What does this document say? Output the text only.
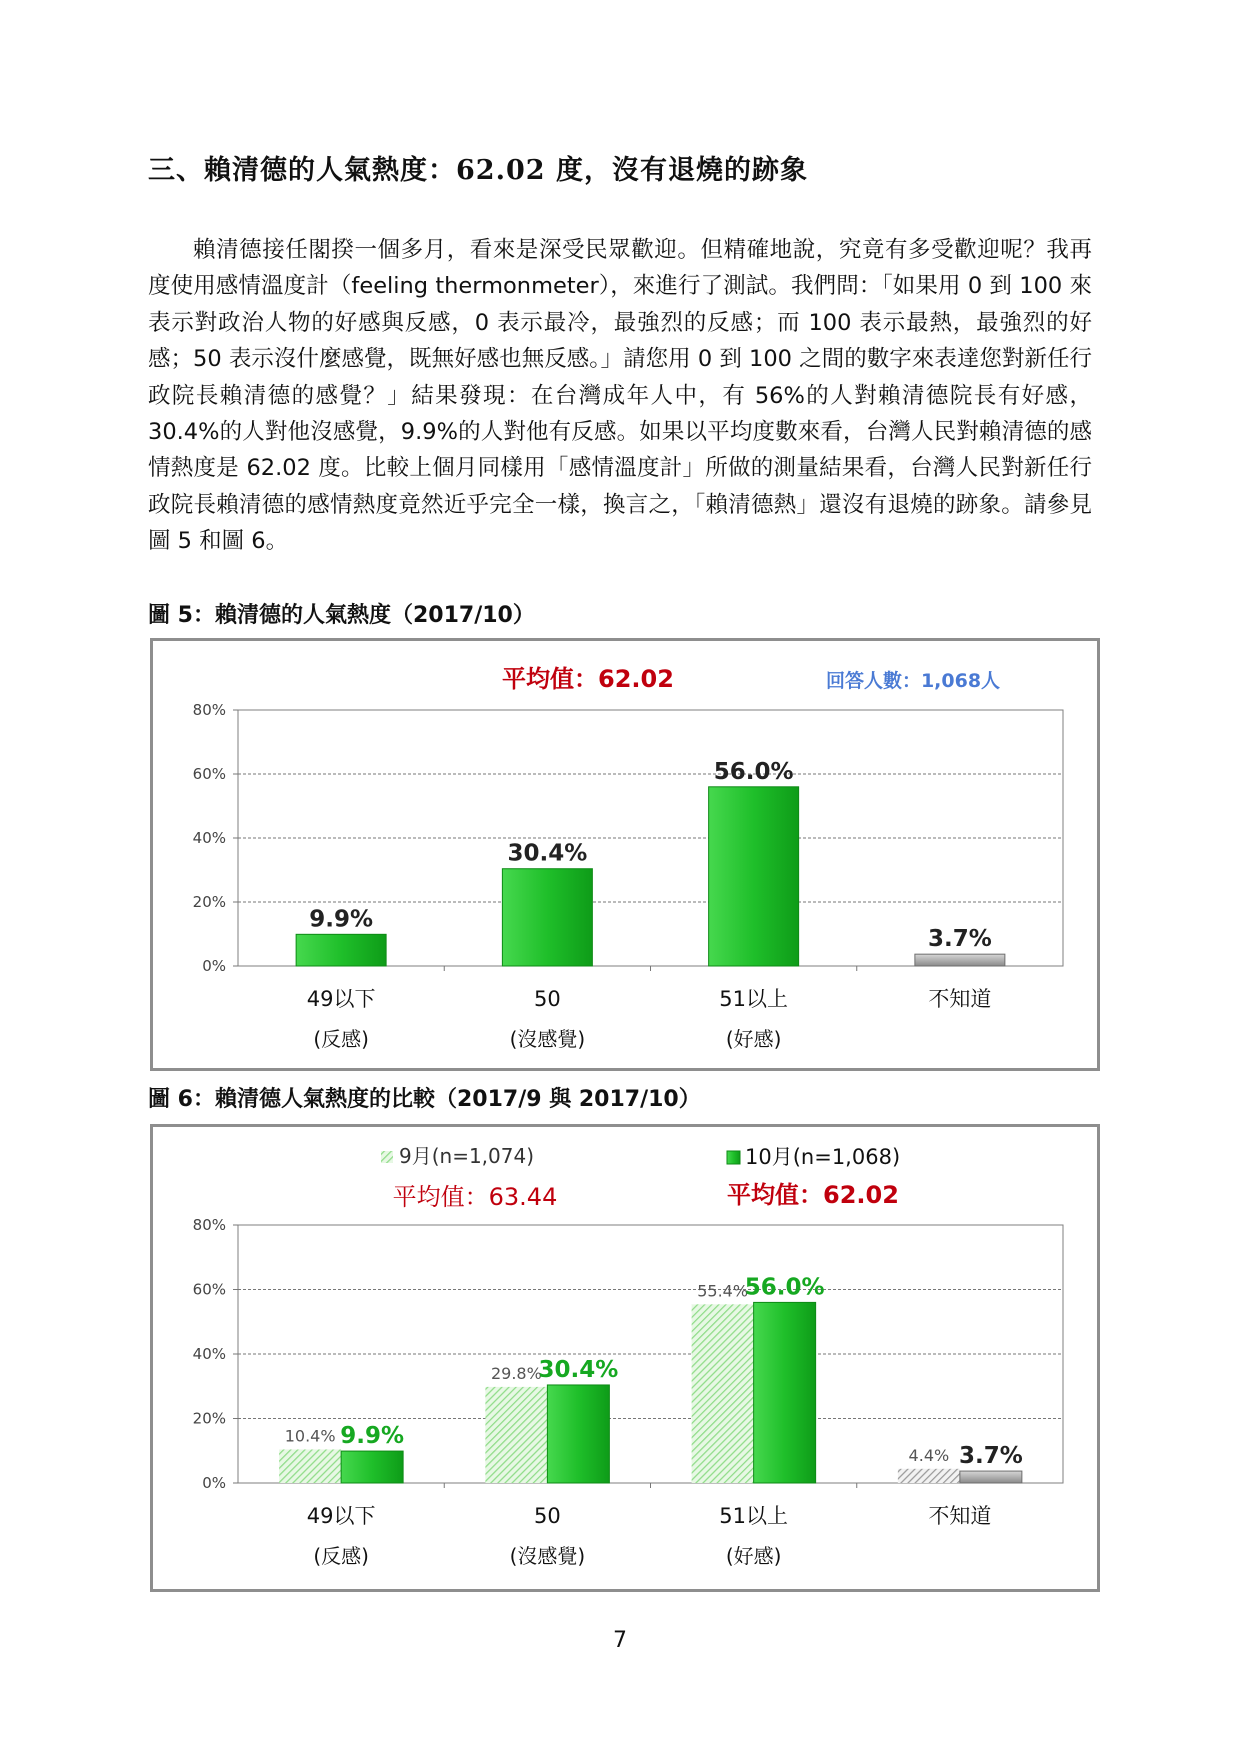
三、賴清德的人氣熱度：62.02 度，沒有退燒的跡象

賴清德接任閣揆一個多月，看來是深受民眾歡迎。但精確地說，究竟有多受歡迎呢？我再度使用感情溫度計（feeling thermonmeter），來進行了測試。我們問：「如果用 0 到 100 來表示對政治人物的好感與反感，0 表示最冷，最強烈的反感；而 100 表示最熱，最強烈的好感；50 表示沒什麼感覺，既無好感也無反感。」請您用 0 到 100 之間的數字來表達您對新任行政院長賴清德的感覺？」結果發現：在台灣成年人中，有 56%的人對賴清德院長有好感，30.4%的人對他沒感覺，9.9%的人對他有反感。如果以平均度數來看，台灣人民對賴清德的感情熱度是 62.02 度。比較上個月同樣用「感情溫度計」所做的測量結果看，台灣人民對新任行政院長賴清德的感情熱度竟然近乎完全一樣，換言之，「賴清德熱」還沒有退燒的跡象。請參見圖 5 和圖 6。

圖 5：賴清德的人氣熱度（2017/10）
平均值：62.02	回答人數：1,068人
80%
60%
40%
20%
0%
49以下
(反感)
50
(沒感覺)
51以上
(好感)
不知道
9.9%
30.4%
56.0%
3.7%
圖 6：賴清德人氣熱度的比較（2017/9 與 2017/10）
9月(n=1,074)	10月(n=1,068)
平均值：63.44	平均值：62.02
80%
60%
40%
20%
0%
49以下
(反感)
50
(沒感覺)
51以上
(好感)
不知道
10.4%
29.8%
55.4%
4.4%
9.9%
30.4%
56.0%
3.7%
7
